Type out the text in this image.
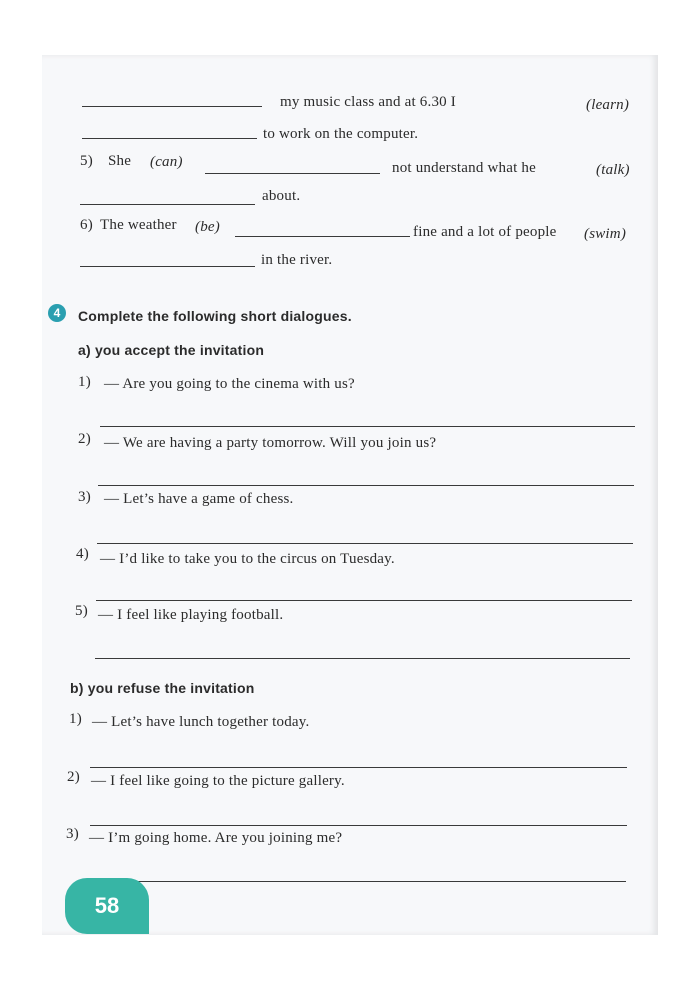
my music class and at 6.30 I	(learn)
to work on the computer.
5) She (can)	not understand what he	(talk)
about.
6) The weather (be)	fine and a lot of people (swim)
in the river.
4	Complete the following short dialogues.
a) you accept the invitation
1) — Are you going to the cinema with us?
2) — We are having a party tomorrow. Will you join us?
3) — Let’s have a game of chess.
4) — I’d like to take you to the circus on Tuesday.
5) — I feel like playing football.
b) you refuse the invitation
1) — Let’s have lunch together today.
2) — I feel like going to the picture gallery.
3) — I’m going home. Are you joining me?
58
